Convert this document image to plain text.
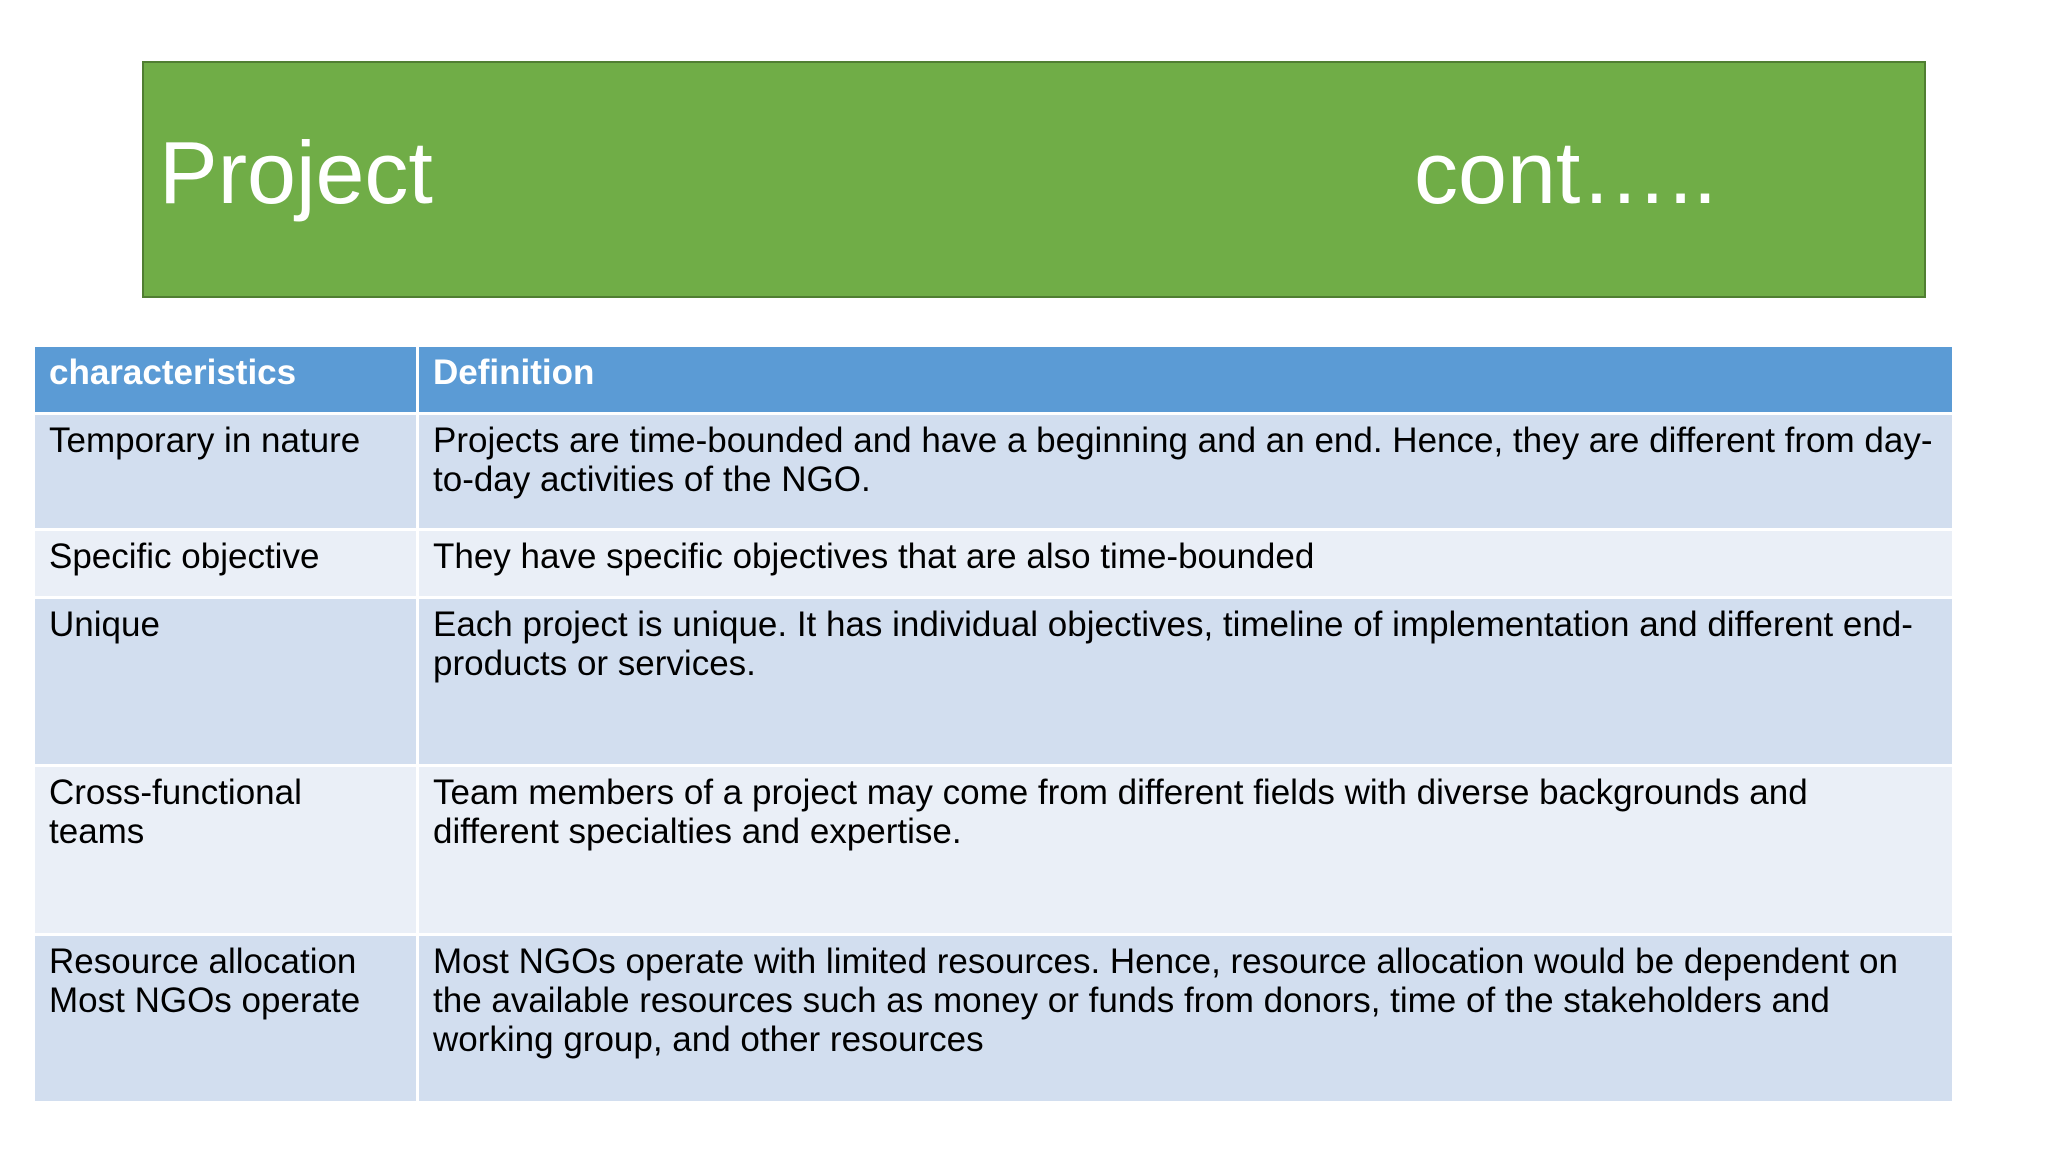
Project	cont…..
characteristics	Definition

Temporary in nature	Projects are time-bounded and have a beginning and an end. Hence, they are different from day-to-day activities of the NGO.

Specific objective	They have specific objectives that are also time-bounded

Unique	Each project is unique. It has individual objectives, timeline of implementation and different end-products or services.

Cross-functional
teams	Team members of a project may come from different fields with diverse backgrounds and different specialties and expertise.

Resource allocation
Most NGOs operate	Most NGOs operate with limited resources. Hence, resource allocation would be dependent on the available resources such as money or funds from donors, time of the stakeholders and working group, and other resources
